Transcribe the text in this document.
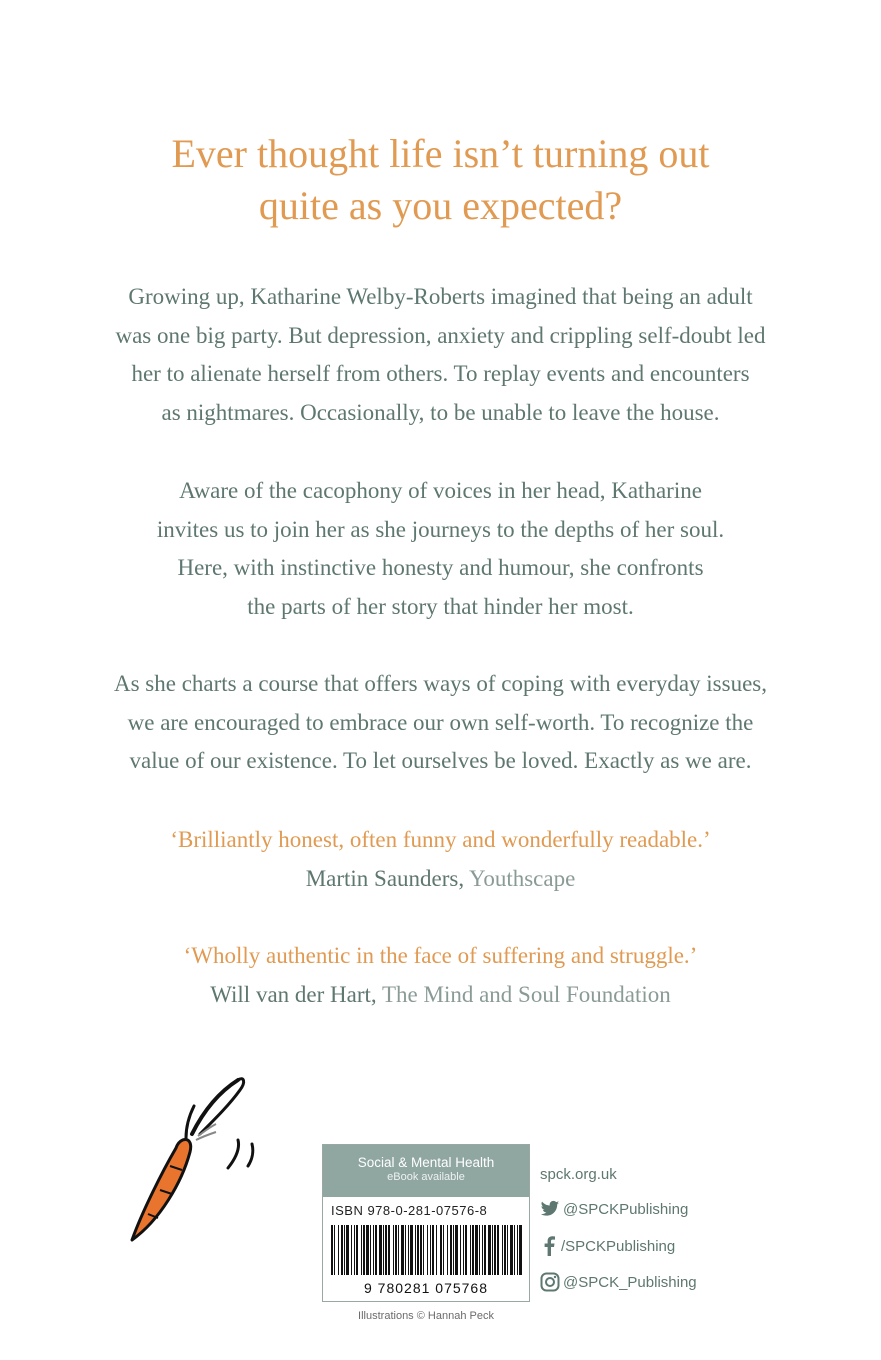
Ever thought life isn’t turning out
quite as you expected?
Growing up, Katharine Welby-Roberts imagined that being an adult
was one big party. But depression, anxiety and crippling self-doubt led
her to alienate herself from others. To replay events and encounters
as nightmares. Occasionally, to be unable to leave the house.
Aware of the cacophony of voices in her head, Katharine
invites us to join her as she journeys to the depths of her soul.
Here, with instinctive honesty and humour, she confronts
the parts of her story that hinder her most.
As she charts a course that offers ways of coping with everyday issues,
we are encouraged to embrace our own self-worth. To recognize the
value of our existence. To let ourselves be loved. Exactly as we are.
‘Brilliantly honest, often funny and wonderfully readable.’
Martin Saunders, Youthscape
‘Wholly authentic in the face of suffering and struggle.’
Will van der Hart, The Mind and Soul Foundation
Social & Mental Health
eBook available
ISBN 978-0-281-07576-8
9 780281 075768
Illustrations © Hannah Peck
spck.org.uk
@SPCKPublishing
/SPCKPublishing
@SPCK_Publishing
